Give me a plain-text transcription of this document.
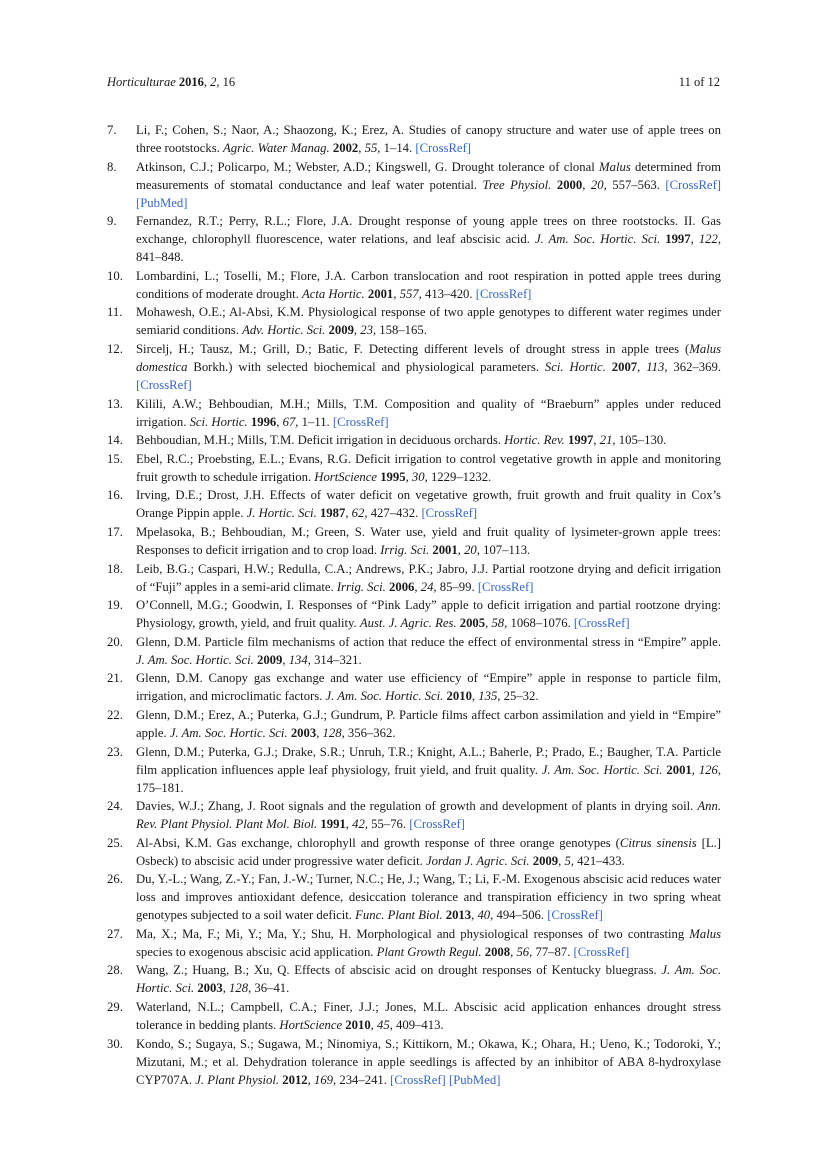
Horticulturae 2016, 2, 16	11 of 12
7. Li, F.; Cohen, S.; Naor, A.; Shaozong, K.; Erez, A. Studies of canopy structure and water use of apple trees on three rootstocks. Agric. Water Manag. 2002, 55, 1–14. [CrossRef]
8. Atkinson, C.J.; Policarpo, M.; Webster, A.D.; Kingswell, G. Drought tolerance of clonal Malus determined from measurements of stomatal conductance and leaf water potential. Tree Physiol. 2000, 20, 557–563. [CrossRef] [PubMed]
9. Fernandez, R.T.; Perry, R.L.; Flore, J.A. Drought response of young apple trees on three rootstocks. II. Gas exchange, chlorophyll fluorescence, water relations, and leaf abscisic acid. J. Am. Soc. Hortic. Sci. 1997, 122, 841–848.
10. Lombardini, L.; Toselli, M.; Flore, J.A. Carbon translocation and root respiration in potted apple trees during conditions of moderate drought. Acta Hortic. 2001, 557, 413–420. [CrossRef]
11. Mohawesh, O.E.; Al-Absi, K.M. Physiological response of two apple genotypes to different water regimes under semiarid conditions. Adv. Hortic. Sci. 2009, 23, 158–165.
12. Sircelj, H.; Tausz, M.; Grill, D.; Batic, F. Detecting different levels of drought stress in apple trees (Malus domestica Borkh.) with selected biochemical and physiological parameters. Sci. Hortic. 2007, 113, 362–369. [CrossRef]
13. Kilili, A.W.; Behboudian, M.H.; Mills, T.M. Composition and quality of “Braeburn” apples under reduced irrigation. Sci. Hortic. 1996, 67, 1–11. [CrossRef]
14. Behboudian, M.H.; Mills, T.M. Deficit irrigation in deciduous orchards. Hortic. Rev. 1997, 21, 105–130.
15. Ebel, R.C.; Proebsting, E.L.; Evans, R.G. Deficit irrigation to control vegetative growth in apple and monitoring fruit growth to schedule irrigation. HortScience 1995, 30, 1229–1232.
16. Irving, D.E.; Drost, J.H. Effects of water deficit on vegetative growth, fruit growth and fruit quality in Cox’s Orange Pippin apple. J. Hortic. Sci. 1987, 62, 427–432. [CrossRef]
17. Mpelasoka, B.; Behboudian, M.; Green, S. Water use, yield and fruit quality of lysimeter-grown apple trees: Responses to deficit irrigation and to crop load. Irrig. Sci. 2001, 20, 107–113.
18. Leib, B.G.; Caspari, H.W.; Redulla, C.A.; Andrews, P.K.; Jabro, J.J. Partial rootzone drying and deficit irrigation of “Fuji” apples in a semi-arid climate. Irrig. Sci. 2006, 24, 85–99. [CrossRef]
19. O’Connell, M.G.; Goodwin, I. Responses of “Pink Lady” apple to deficit irrigation and partial rootzone drying: Physiology, growth, yield, and fruit quality. Aust. J. Agric. Res. 2005, 58, 1068–1076. [CrossRef]
20. Glenn, D.M. Particle film mechanisms of action that reduce the effect of environmental stress in “Empire” apple. J. Am. Soc. Hortic. Sci. 2009, 134, 314–321.
21. Glenn, D.M. Canopy gas exchange and water use efficiency of “Empire” apple in response to particle film, irrigation, and microclimatic factors. J. Am. Soc. Hortic. Sci. 2010, 135, 25–32.
22. Glenn, D.M.; Erez, A.; Puterka, G.J.; Gundrum, P. Particle films affect carbon assimilation and yield in “Empire” apple. J. Am. Soc. Hortic. Sci. 2003, 128, 356–362.
23. Glenn, D.M.; Puterka, G.J.; Drake, S.R.; Unruh, T.R.; Knight, A.L.; Baherle, P.; Prado, E.; Baugher, T.A. Particle film application influences apple leaf physiology, fruit yield, and fruit quality. J. Am. Soc. Hortic. Sci. 2001, 126, 175–181.
24. Davies, W.J.; Zhang, J. Root signals and the regulation of growth and development of plants in drying soil. Ann. Rev. Plant Physiol. Plant Mol. Biol. 1991, 42, 55–76. [CrossRef]
25. Al-Absi, K.M. Gas exchange, chlorophyll and growth response of three orange genotypes (Citrus sinensis [L.] Osbeck) to abscisic acid under progressive water deficit. Jordan J. Agric. Sci. 2009, 5, 421–433.
26. Du, Y.-L.; Wang, Z.-Y.; Fan, J.-W.; Turner, N.C.; He, J.; Wang, T.; Li, F.-M. Exogenous abscisic acid reduces water loss and improves antioxidant defence, desiccation tolerance and transpiration efficiency in two spring wheat genotypes subjected to a soil water deficit. Func. Plant Biol. 2013, 40, 494–506. [CrossRef]
27. Ma, X.; Ma, F.; Mi, Y.; Ma, Y.; Shu, H. Morphological and physiological responses of two contrasting Malus species to exogenous abscisic acid application. Plant Growth Regul. 2008, 56, 77–87. [CrossRef]
28. Wang, Z.; Huang, B.; Xu, Q. Effects of abscisic acid on drought responses of Kentucky bluegrass. J. Am. Soc. Hortic. Sci. 2003, 128, 36–41.
29. Waterland, N.L.; Campbell, C.A.; Finer, J.J.; Jones, M.L. Abscisic acid application enhances drought stress tolerance in bedding plants. HortScience 2010, 45, 409–413.
30. Kondo, S.; Sugaya, S.; Sugawa, M.; Ninomiya, S.; Kittikorn, M.; Okawa, K.; Ohara, H.; Ueno, K.; Todoroki, Y.; Mizutani, M.; et al. Dehydration tolerance in apple seedlings is affected by an inhibitor of ABA 8-hydroxylase CYP707A. J. Plant Physiol. 2012, 169, 234–241. [CrossRef] [PubMed]
